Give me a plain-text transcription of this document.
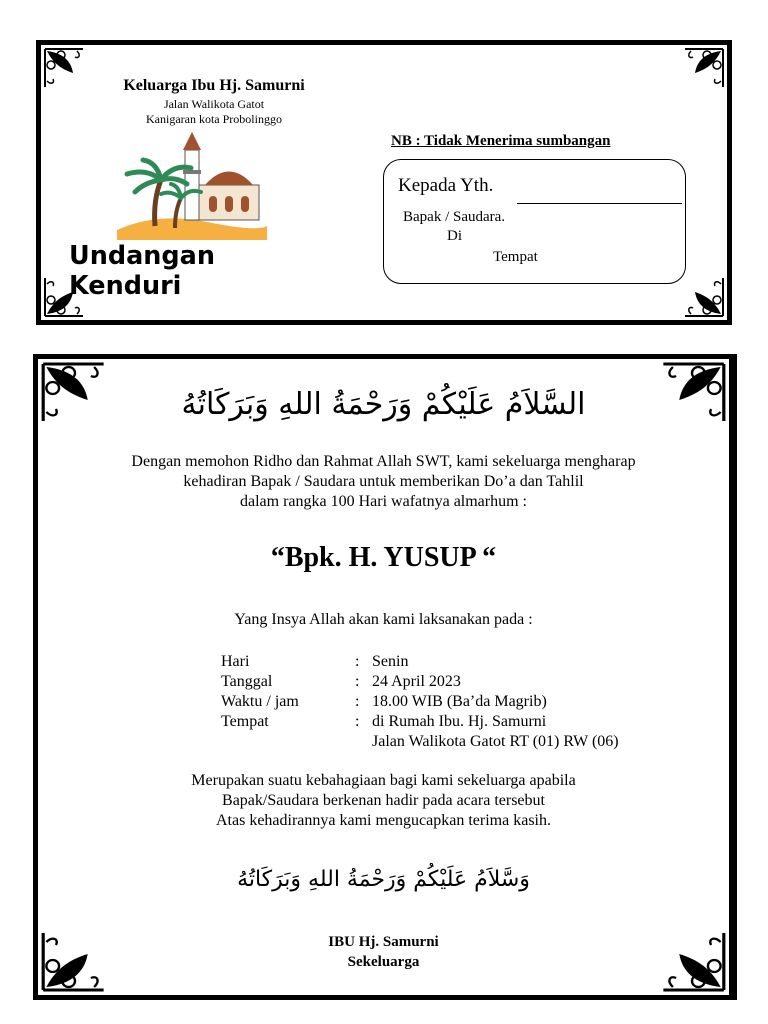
Keluarga Ibu Hj. Samurni
Jalan Walikota Gatot
Kanigaran kota Probolinggo
Undangan Kenduri
NB : Tidak Menerima sumbangan
Kepada Yth.
Bapak / Saudara.
Di
Tempat
السَّلاَمُ عَلَيْكُمْ وَرَحْمَةُ اللهِ وَبَرَكَاتُهُ
Dengan memohon Ridho dan Rahmat Allah SWT, kami sekeluarga mengharap
kehadiran Bapak / Saudara untuk memberikan Do’a dan Tahlil
dalam rangka 100 Hari wafatnya almarhum :
“Bpk. H. YUSUP “
Yang Insya Allah akan kami laksanakan pada :
Hari	: Senin
Tanggal	: 24 April 2023
Waktu / jam	: 18.00 WIB (Ba’da Magrib)
Tempat	: di Rumah Ibu. Hj. Samurni
Jalan Walikota Gatot RT (01) RW (06)
Merupakan suatu kebahagiaan bagi kami sekeluarga apabila
Bapak/Saudara berkenan hadir pada acara tersebut
Atas kehadirannya kami mengucapkan terima kasih.
وَسَّلاَمُ عَلَيْكُمْ وَرَحْمَةُ اللهِ وَبَرَكَاتُهُ
IBU Hj. Samurni
Sekeluarga
